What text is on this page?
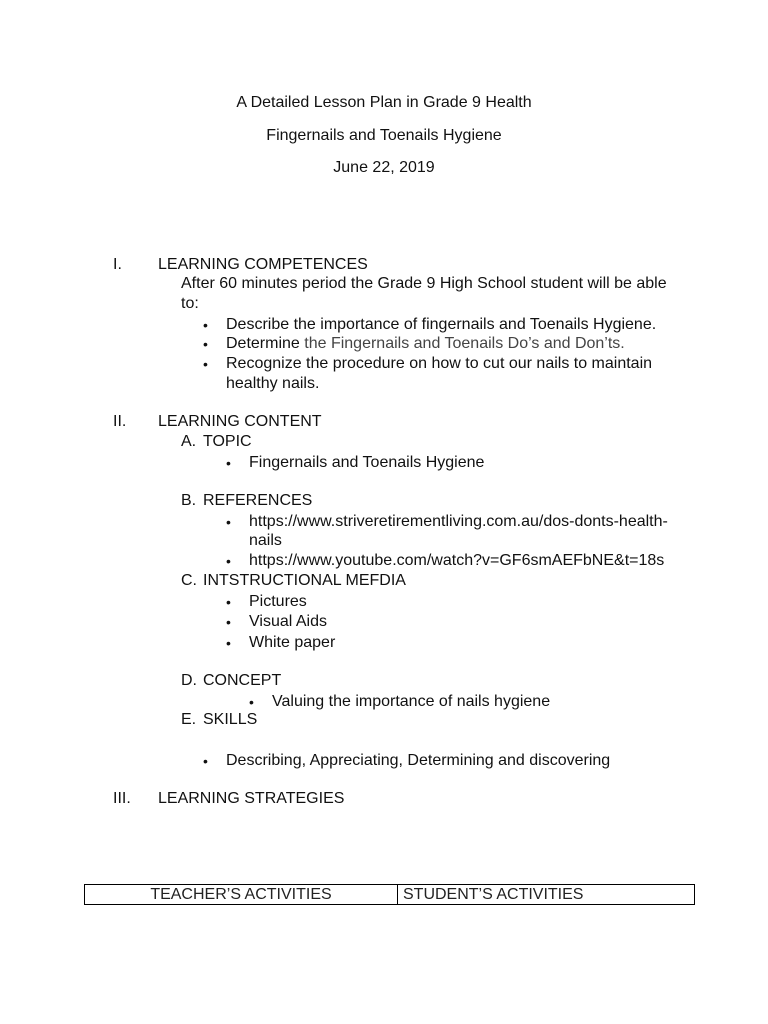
A Detailed Lesson Plan in Grade 9 Health
Fingernails and Toenails Hygiene
June 22, 2019
I. LEARNING COMPETENCES
After 60 minutes period the Grade 9 High School student will be able
to:
• Describe the importance of fingernails and Toenails Hygiene.
• Determine the Fingernails and Toenails Do’s and Don’ts.
• Recognize the procedure on how to cut our nails to maintain
healthy nails.
II. LEARNING CONTENT
A. TOPIC
• Fingernails and Toenails Hygiene
B. REFERENCES
• https://www.striveretirementliving.com.au/dos-donts-health-
nails
• https://www.youtube.com/watch?v=GF6smAEFbNE&t=18s
C. INTSTRUCTIONAL MEFDIA
• Pictures
• Visual Aids
• White paper
D. CONCEPT
• Valuing the importance of nails hygiene
E. SKILLS
• Describing, Appreciating, Determining and discovering
III. LEARNING STRATEGIES
TEACHER’S ACTIVITIES	STUDENT’S ACTIVITIES
